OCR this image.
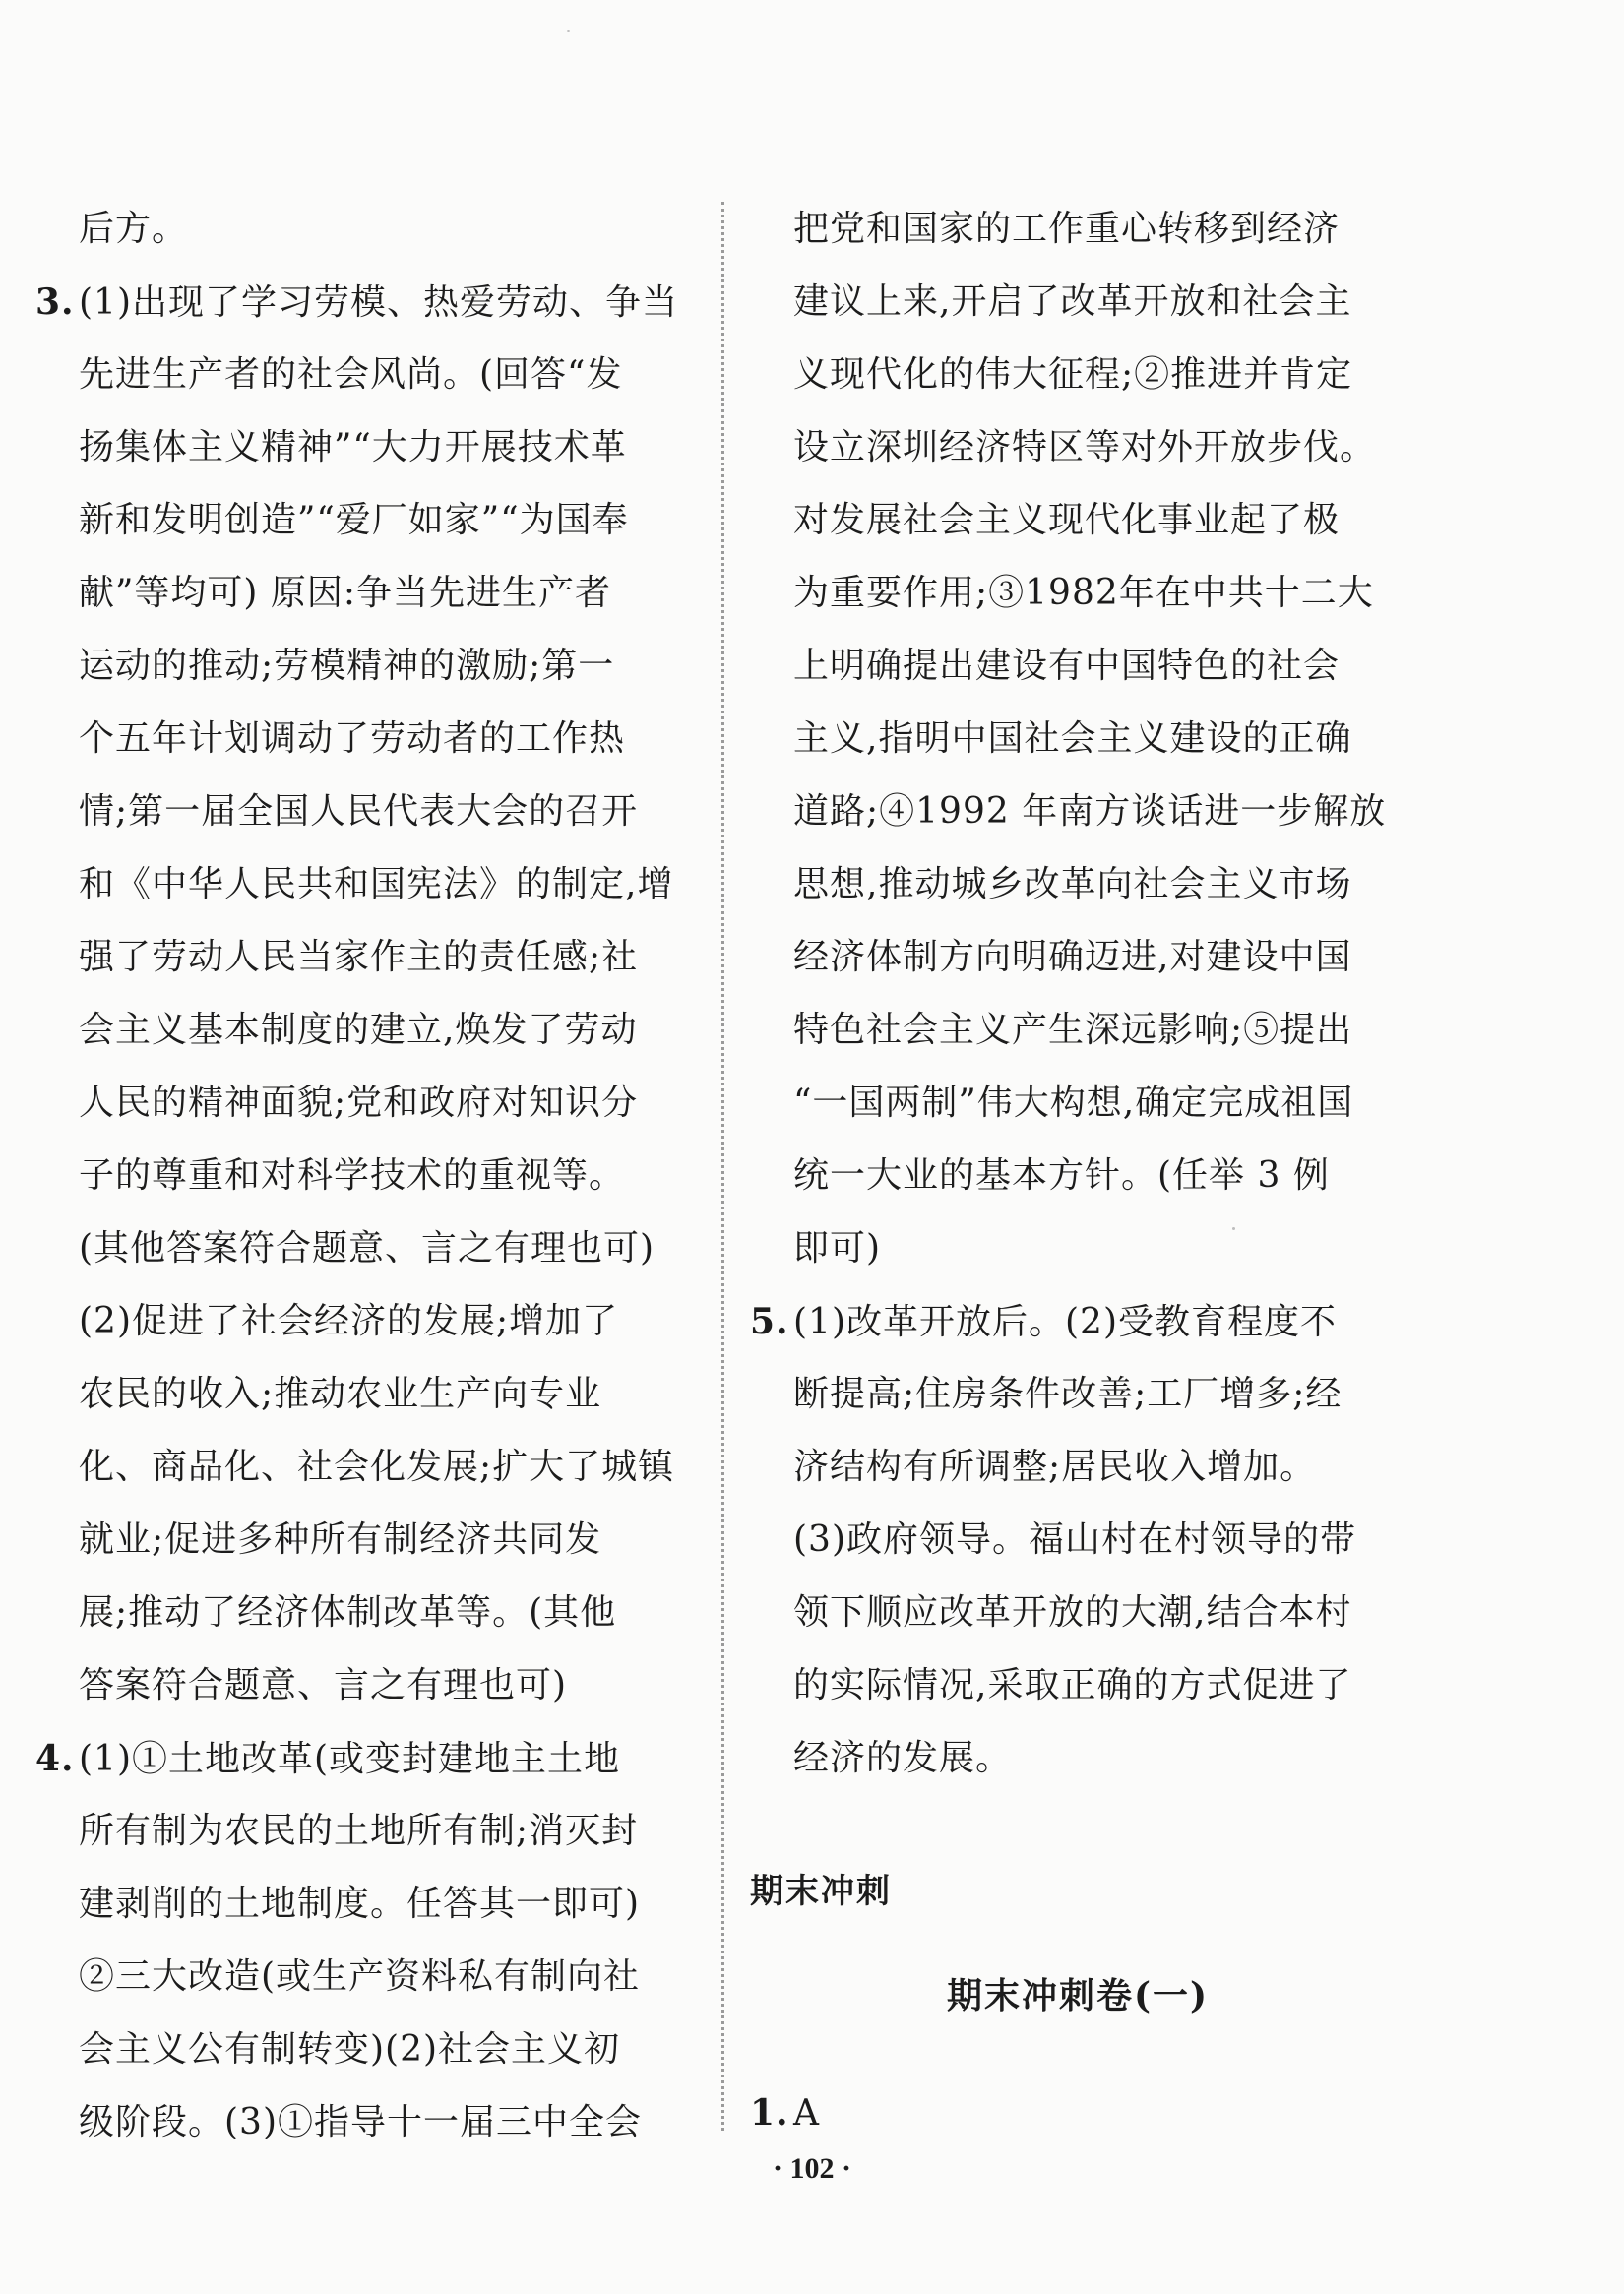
后方。
3. (1)出现了学习劳模、热爱劳动、争当
先进生产者的社会风尚。(回答“发
扬集体主义精神”“大力开展技术革
新和发明创造”“爱厂如家”“为国奉
献”等均可) 原因:争当先进生产者
运动的推动;劳模精神的激励;第一
个五年计划调动了劳动者的工作热
情;第一届全国人民代表大会的召开
和《中华人民共和国宪法》的制定,增
强了劳动人民当家作主的责任感;社
会主义基本制度的建立,焕发了劳动
人民的精神面貌;党和政府对知识分
子的尊重和对科学技术的重视等。
(其他答案符合题意、言之有理也可)
(2)促进了社会经济的发展;增加了
农民的收入;推动农业生产向专业
化、商品化、社会化发展;扩大了城镇
就业;促进多种所有制经济共同发
展;推动了经济体制改革等。(其他
答案符合题意、言之有理也可)
4. (1)①土地改革(或变封建地主土地
所有制为农民的土地所有制;消灭封
建剥削的土地制度。任答其一即可)
②三大改造(或生产资料私有制向社
会主义公有制转变)(2)社会主义初
级阶段。(3)①指导十一届三中全会
把党和国家的工作重心转移到经济
建议上来,开启了改革开放和社会主
义现代化的伟大征程;②推进并肯定
设立深圳经济特区等对外开放步伐。
对发展社会主义现代化事业起了极
为重要作用;③1982年在中共十二大
上明确提出建设有中国特色的社会
主义,指明中国社会主义建设的正确
道路;④1992 年南方谈话进一步解放
思想,推动城乡改革向社会主义市场
经济体制方向明确迈进,对建设中国
特色社会主义产生深远影响;⑤提出
“一国两制”伟大构想,确定完成祖国
统一大业的基本方针。(任举 3 例
即可)
5. (1)改革开放后。(2)受教育程度不
断提高;住房条件改善;工厂增多;经
济结构有所调整;居民收入增加。
(3)政府领导。福山村在村领导的带
领下顺应改革开放的大潮,结合本村
的实际情况,采取正确的方式促进了
经济的发展。
期末冲刺
期末冲刺卷(一)
1. A
· 102 ·
